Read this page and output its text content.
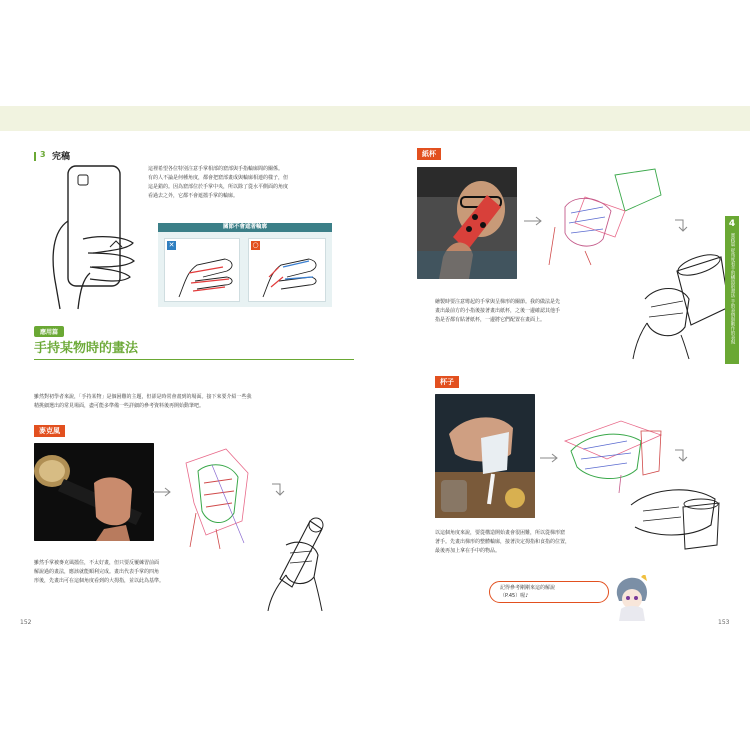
3 完稿
這裡希望各位特別注意手掌相部的窟部與手指輪廓間的關係。
有的人不論是何種角度，都會把窟部畫成與輪廓相連的樣子，但
這是錯的。因為窟部位於手掌中央，所以除了從水平側面的角度
看過去之外，它都不會遮擋手掌的輪廓。
關節不會遮著輪廓
✕	○
應用篇
手持某物時的畫法
雖然對初學者來說，「手持某物」是個困難的主題，但卻是時常會畫到的場面。接下來要介紹一些我
精挑細選出的常見場面，盡可能多準備一些詳細的參考資料後再開始動筆吧。
麥克風
雖然手掌被麥克風擋住，不太好畫，但只要反覆練習前面
解說過的畫法，應該就能順利完成。畫出代表手掌的四角
形後，先畫出可在這個角度看到的大拇指，並以此為基準。
152
紙杯
繪製時要注意彎起的手掌與呈梯形的關節。我的做法是先
畫出最前方的小指後接著畫出紙杯，之後一邊確認其他手
指是否都有貼著紙杯，一邊將它們配置在畫面上。
杯子
以這個角度來說，要從構造開始畫會很困難，所以從梯形窟
著手。先畫出梯形的整體輪廓，接著決定拇指和食指的位置，
最後再加上拿在手中的物品。
記得參考剛剛來這的解說
（P.45）喔♪
153
4
實践篇 從角度看手的構造的畫法 手的表情與動作的表現
